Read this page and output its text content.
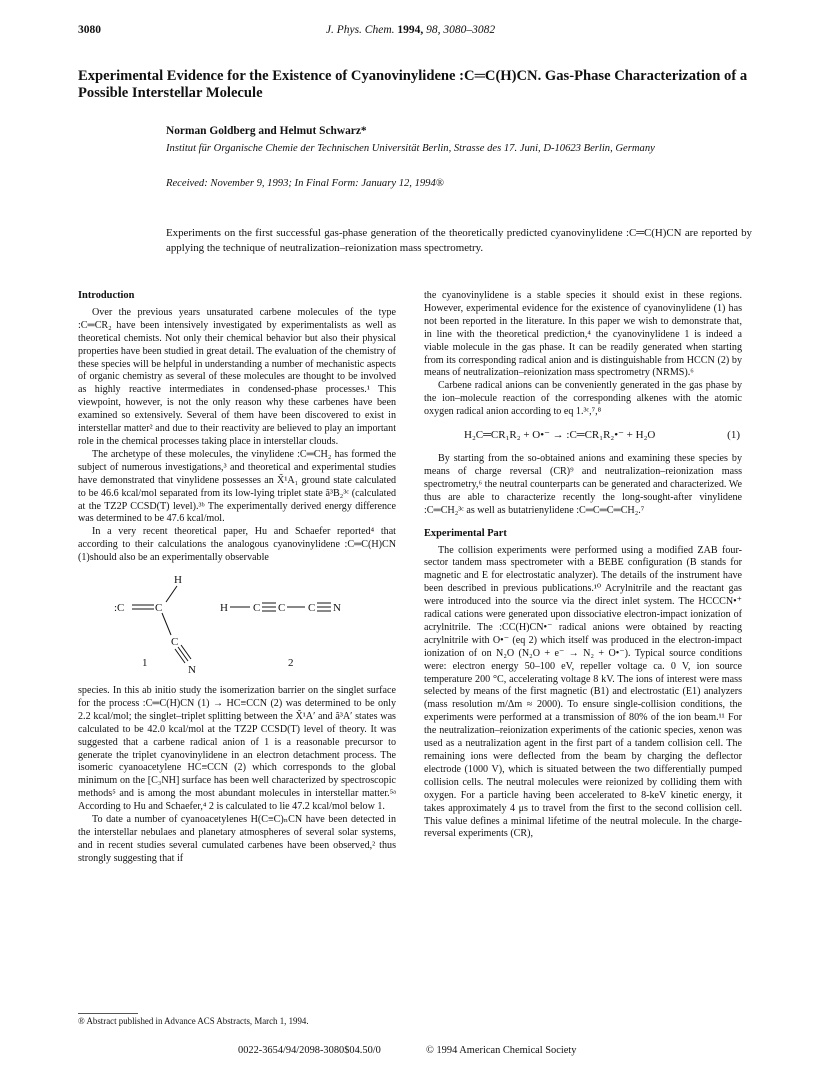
3080	J. Phys. Chem. 1994, 98, 3080–3082
Experimental Evidence for the Existence of Cyanovinylidene :C═C(H)CN. Gas-Phase Characterization of a Possible Interstellar Molecule
Norman Goldberg and Helmut Schwarz*
Institut für Organische Chemie der Technischen Universität Berlin, Strasse des 17. Juni, D-10623 Berlin, Germany
Received: November 9, 1993; In Final Form: January 12, 1994®
Experiments on the first successful gas-phase generation of the theoretically predicted cyanovinylidene :C═C(H)CN are reported by applying the technique of neutralization–reionization mass spectrometry.
Introduction

Over the previous years unsaturated carbene molecules of the type :C═CR₂ have been intensively investigated by experimentalists as well as theoretical chemists. Not only their chemical behavior but also their physical properties have been studied in great detail. The evaluation of the chemistry of these species will be helpful in understanding a number of mechanistic aspects of organic chemistry as several of these molecules are thought to be involved as highly reactive intermediates in condensed-phase processes.¹ This viewpoint, however, is not the only reason why these carbenes have been examined so extensively. Several of them have been discovered to exist in interstellar matter² and due to their reactivity are believed to play an important role in the chemical processes taking place in interstellar clouds.

The archetype of these molecules, the vinylidene :C═CH₂ has formed the subject of numerous investigations,³ and theoretical and experimental studies have demonstrated that vinylidene possesses an X̃¹A₁ ground state calculated to be 46.6 kcal/mol separated from its low-lying triplet state ã³B₂³ᶜ (calculated at the TZ2P CCSD(T) level).³ᵇ The experimentally derived energy difference was determined to be 47.6 kcal/mol.

In a very recent theoretical paper, Hu and Schaefer reported⁴ that according to their calculations the analogous cyanovinylidene :C═C(H)CN (1)should also be an experimentally observable

H
:C	C
C
N
1
H C C C N
2

species. In this ab initio study the isomerization barrier on the singlet surface for the process :C═C(H)CN (1) → HC≡CCN (2) was determined to be only 2.2 kcal/mol; the singlet–triplet splitting between the X̃¹A′ and ã³A′ states was calculated to be 42.0 kcal/mol at the TZ2P CCSD(T) level of theory. It was suggested that a carbene radical anion of 1 is a reasonable precursor to generate the triplet cyanovinylidene in an electron detachment process. The isomeric cyanoacetylene HC≡CCN (2) which corresponds to the global minimum on the [C₃NH] surface has been well characterized by spectroscopic methods⁵ and is among the most abundant molecules in interstellar matter.⁵ᵃ According to Hu and Schaefer,⁴ 2 is calculated to lie 47.2 kcal/mol below 1.

To date a number of cyanoacetylenes H(C≡C)ₙCN have been detected in the interstellar nebulaes and planetary atmospheres of several solar systems, and in recent studies several cumulated carbenes have been observed,² thus strongly suggesting that if

the cyanovinylidene is a stable species it should exist in these regions. However, experimental evidence for the existence of cyanovinylidene (1) has not been reported in the literature. In this paper we wish to demonstrate that, in line with the theoretical prediction,⁴ the cyanovinylidene 1 is indeed a viable molecule in the gas phase. It can be readily generated when starting from its corresponding radical anion and is distinguishable from HCCN (2) by means of neutralization–reionization mass spectrometry (NRMS).⁶

Carbene radical anions can be conveniently generated in the gas phase by the ion–molecule reaction of the corresponding alkenes with the atomic oxygen radical anion according to eq 1.³ᶜ,⁷,⁸

H₂C═CR₁R₂ + O•⁻ → :C═CR₁R₂•⁻ + H₂O	(1)

By starting from the so-obtained anions and examining these species by means of charge reversal (CR)⁹ and neutralization–reionization mass spectrometry,⁶ the neutral counterparts can be generated and characterized. We thus are able to characterize recently the long-sought-after vinylidene :C═CH₂³ᶜ as well as butatrienylidene :C═C═C═CH₂.⁷

Experimental Part

The collision experiments were performed using a modified ZAB four-sector tandem mass spectrometer with a BEBE configuration (B stands for magnetic and E for electrostatic analyzer). The details of the instrument have been described in previous publications.¹⁰ Acrylnitrile and the reactant gas were introduced into the source via the direct inlet system. The HCCCN•⁺ radical cations were generated upon dissociative electron-impact ionization of acrylnitrile. The :CC(H)CN•⁻ radical anions were obtained by reacting acrylnitrile with O•⁻ (eq 2) which itself was produced in the electron-impact ionization of on N₂O (N₂O + e⁻ → N₂ + O•⁻). Typical source conditions were: electron energy 50–100 eV, repeller voltage ca. 0 V, ion source temperature 200 °C, accelerating voltage 8 kV. The ions of interest were mass selected by means of the first magnetic (B1) and electrostatic (E1) analyzers (mass resolution m/Δm ≈ 2000). To ensure single-collision conditions, the experiments were performed at a transmission of 80% of the ion beam.¹¹ For the neutralization–reionization experiments of the cationic species, xenon was used as a neutralization agent in the first part of a tandem collision cell. The remaining ions were deflected from the beam by charging the deflector electrode (1000 V), which is situated between the two differentially pumped collision cells. The neutral molecules were reionized by colliding them with oxygen. For a particle having been accelerated to 8-keV kinetic energy, it takes approximately 4 μs to travel from the first to the second collision cell. This value defines a minimal lifetime of the neutral molecule. In the charge-reversal experiments (CR),

® Abstract published in Advance ACS Abstracts, March 1, 1994.
0022-3654/94/2098-3080$04.50/0	© 1994 American Chemical Society
